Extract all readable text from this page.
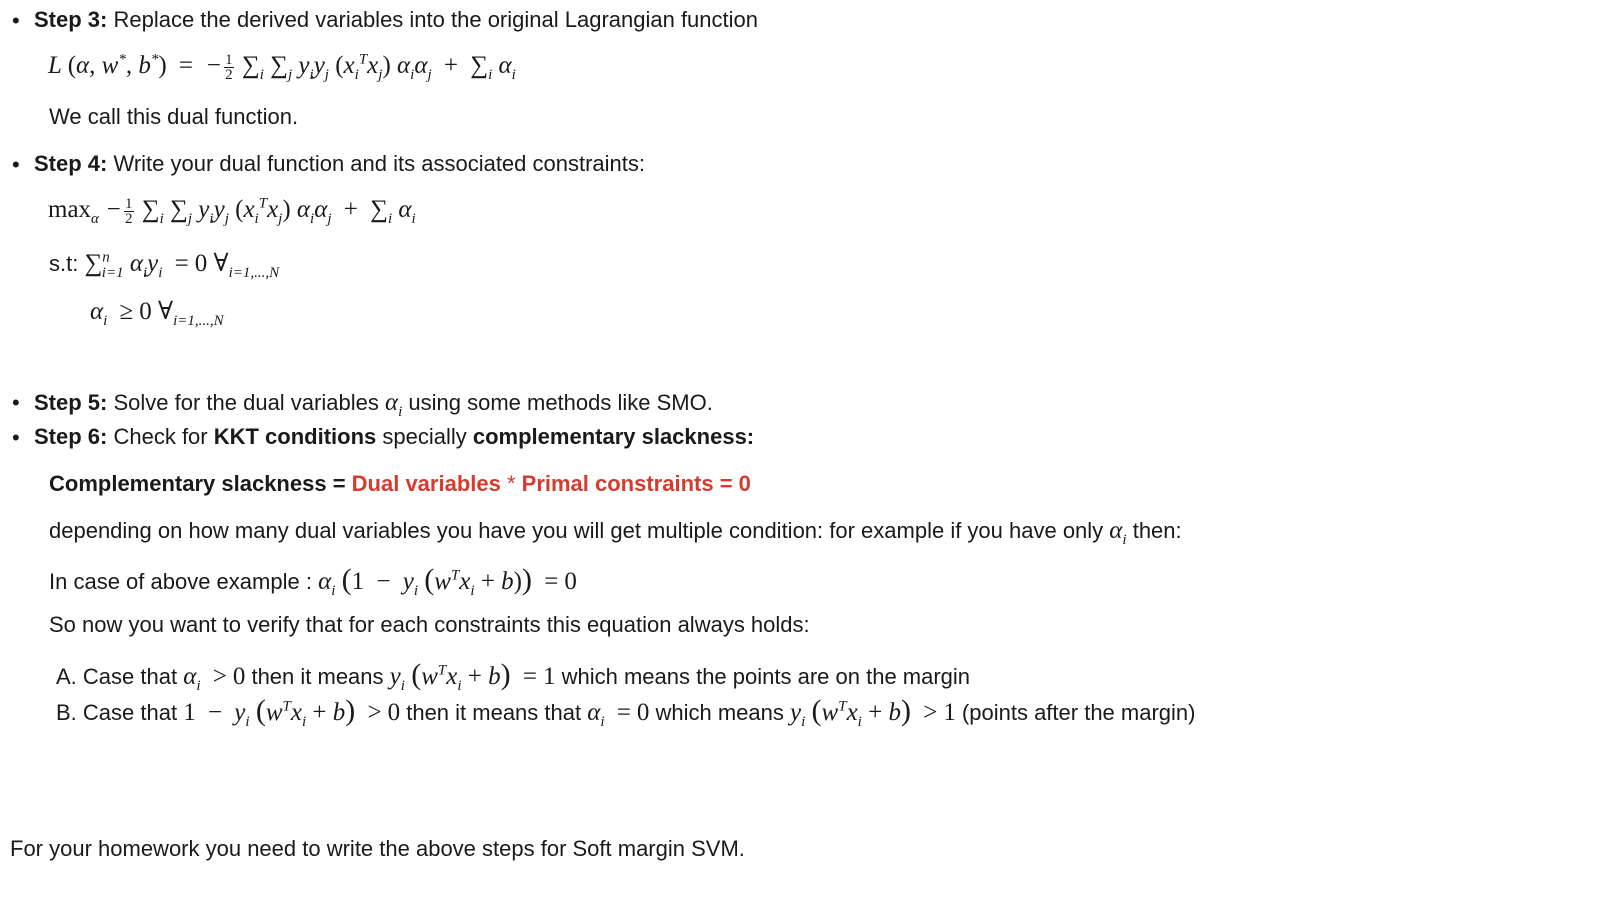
• Step 3: Replace the derived variables into the original Lagrangian function
L (α, w*, b*) = − $\frac{1}{2} \sum_i$ $\sum_j$ $y_iy_j$ $(x_i^Tx_j) \alpha_i\alpha_j + \sum_i$ $\alpha_i$
We call this dual function.
• Step 4: Write your dual function and its associated constraints:
$\max_\alpha - \frac{1}{2} \sum_i$ $\sum_j$ $y_iy_j$ $(x_i^Tx_j) \alpha_i\alpha_j + \sum_i$ $\alpha_i$
s.t: ∑$^n_{i=1}$ $\alpha_iy_i = 0$ $\forall_{i=1,...,N}$
$\alpha_i \ge 0$ $\forall_{i=1,...,N}$
• Step 5: Solve for the dual variables $\alpha_i$ using some methods like SMO.
• Step 6: Check for KKT conditions specially complementary slackness:
Complementary slackness = Dual variables * Primal constraints = 0
depending on how many dual variables you have you will get multiple condition: for example if you have only $\alpha_i$ then:
In case of above example : $\alpha_i$ ($1 - y_i$ $(w^Tx_i + b)) = 0$
So now you want to verify that for each constraints this equation always holds:
A. Case that $\alpha_i > 0$ then it means $y_i$ $(w^Tx_i + b) = 1$ which means the points are on the margin
B. Case that $1 - y_i$ $(w^Tx_i + b) > 0$ then it means that $\alpha_i = 0$ which means $y_i$ $(w^Tx_i + b) > 1$ (points after the margin)
For your homework you need to write the above steps for Soft margin SVM.
